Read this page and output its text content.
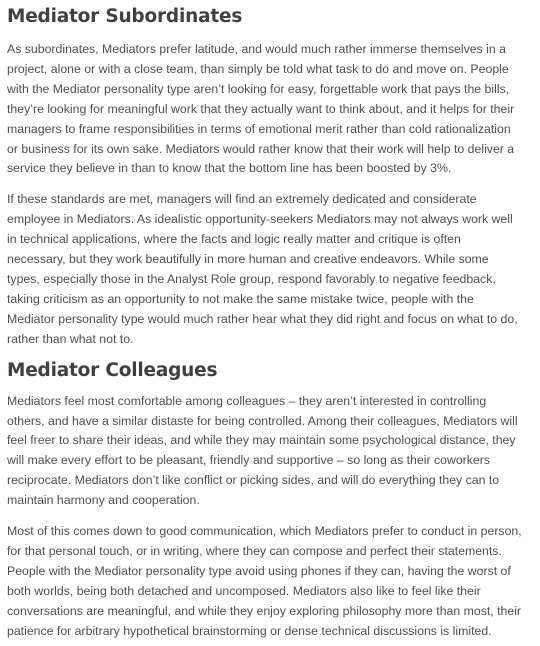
Mediator Subordinates

As subordinates, Mediators prefer latitude, and would much rather immerse themselves in a project, alone or with a close team, than simply be told what task to do and move on. People with the Mediator personality type aren’t looking for easy, forgettable work that pays the bills, they’re looking for meaningful work that they actually want to think about, and it helps for their managers to frame responsibilities in terms of emotional merit rather than cold rationalization or business for its own sake. Mediators would rather know that their work will help to deliver a service they believe in than to know that the bottom line has been boosted by 3%.

If these standards are met, managers will find an extremely dedicated and considerate employee in Mediators. As idealistic opportunity-seekers Mediators may not always work well in technical applications, where the facts and logic really matter and critique is often necessary, but they work beautifully in more human and creative endeavors. While some types, especially those in the Analyst Role group, respond favorably to negative feedback, taking criticism as an opportunity to not make the same mistake twice, people with the Mediator personality type would much rather hear what they did right and focus on what to do, rather than what not to.

Mediator Colleagues

Mediators feel most comfortable among colleagues – they aren’t interested in controlling others, and have a similar distaste for being controlled. Among their colleagues, Mediators will feel freer to share their ideas, and while they may maintain some psychological distance, they will make every effort to be pleasant, friendly and supportive – so long as their coworkers reciprocate. Mediators don’t like conflict or picking sides, and will do everything they can to maintain harmony and cooperation.

Most of this comes down to good communication, which Mediators prefer to conduct in person, for that personal touch, or in writing, where they can compose and perfect their statements. People with the Mediator personality type avoid using phones if they can, having the worst of both worlds, being both detached and uncomposed. Mediators also like to feel like their conversations are meaningful, and while they enjoy exploring philosophy more than most, their patience for arbitrary hypothetical brainstorming or dense technical discussions is limited.
